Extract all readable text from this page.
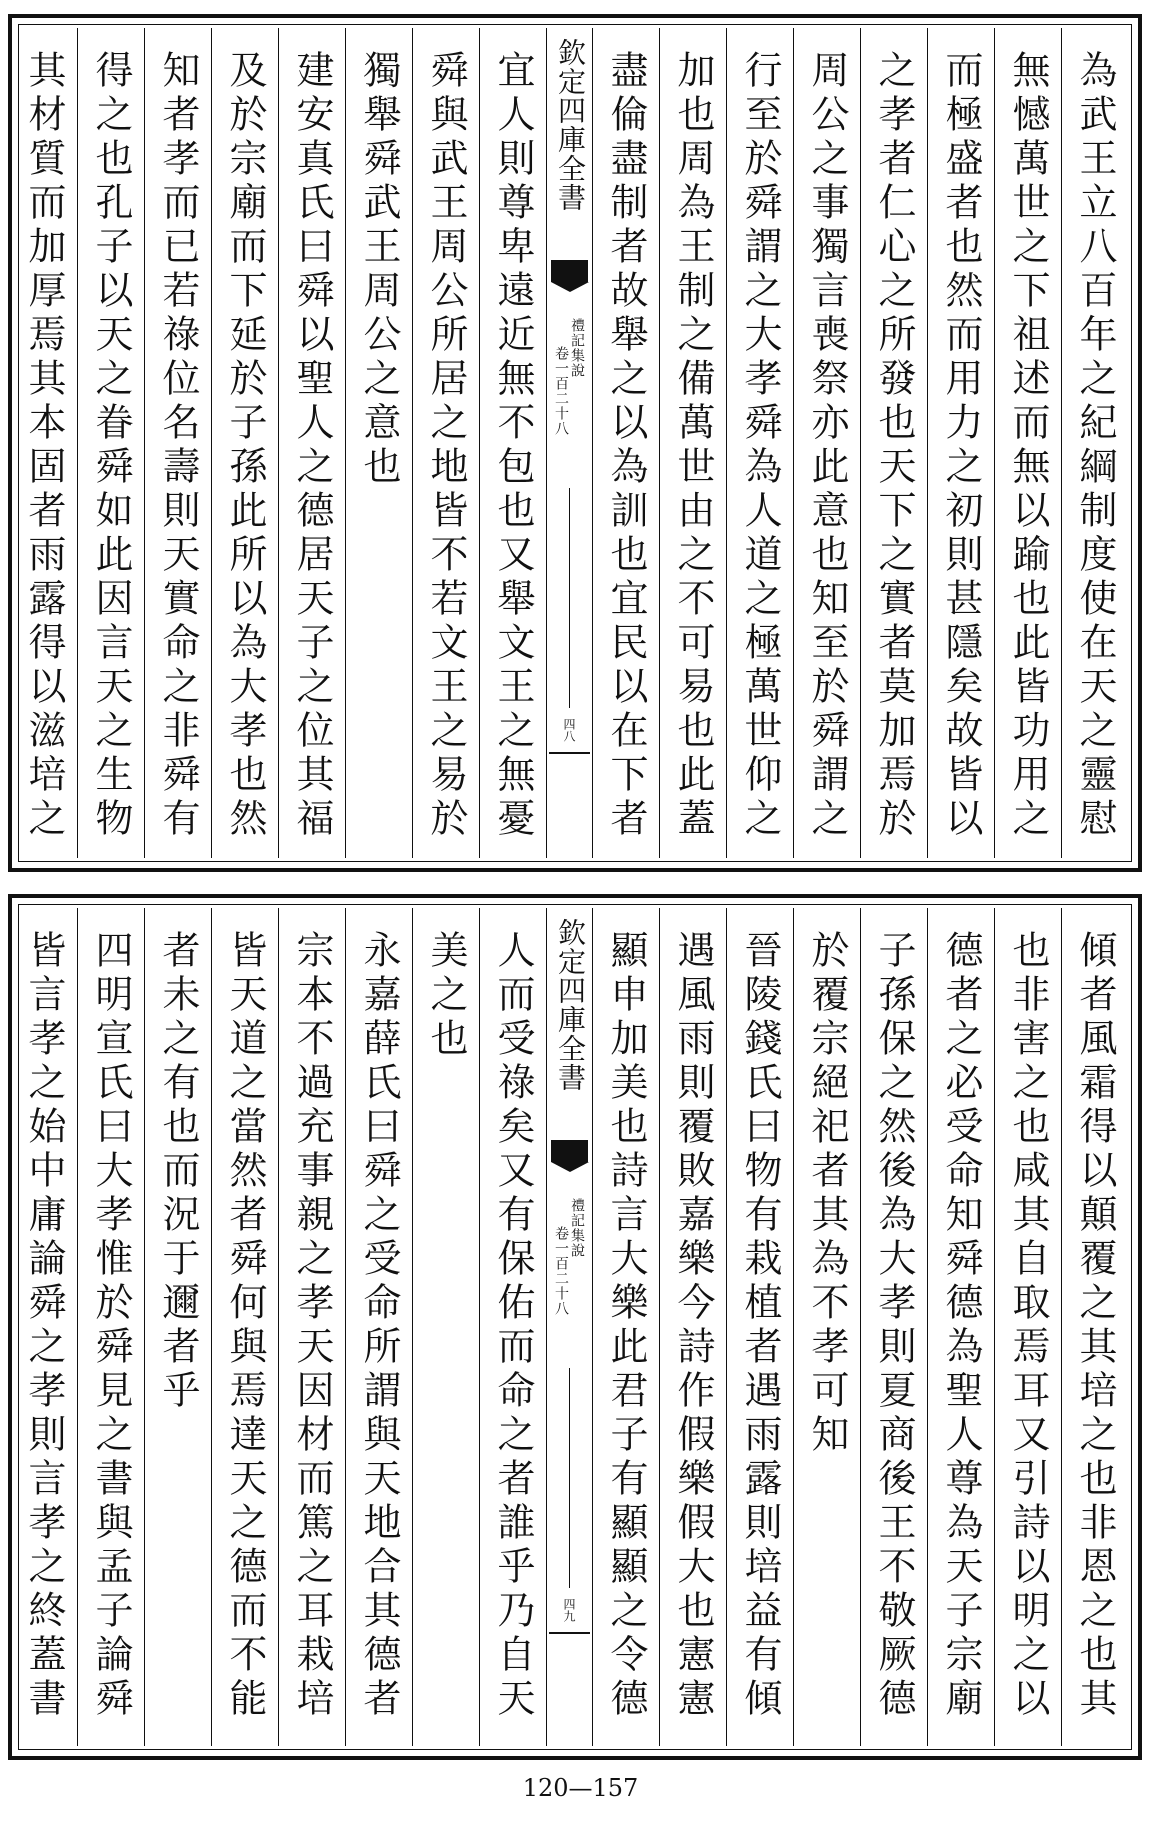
為武王立八百年之紀綱制度使在天之靈慰
無憾萬世之下祖述而無以踰也此皆功用之
而極盛者也然而用力之初則甚隱矣故皆以
之孝者仁心之所發也天下之實者莫加焉於
周公之事獨言喪祭亦此意也知至於舜謂之
行至於舜謂之大孝舜為人道之極萬世仰之
加也周為王制之備萬世由之不可易也此蓋
盡倫盡制者故舉之以為訓也宜民以在下者
欽定四庫全書
禮記集說
卷一百二十八
四八
宜人則尊卑遠近無不包也又舉文王之無憂
舜與武王周公所居之地皆不若文王之易於
獨舉舜武王周公之意也
建安真氏曰舜以聖人之德居天子之位其福
及於宗廟而下延於子孫此所以為大孝也然
知者孝而已若祿位名壽則天實命之非舜有
得之也孔子以天之眷舜如此因言天之生物
其材質而加厚焉其本固者雨露得以滋培之
傾者風霜得以顛覆之其培之也非恩之也其
也非害之也咸其自取焉耳又引詩以明之以
德者之必受命知舜德為聖人尊為天子宗廟
子孫保之然後為大孝則夏商後王不敬厥德
於覆宗絕祀者其為不孝可知
晉陵錢氏曰物有栽植者遇雨露則培益有傾
遇風雨則覆敗嘉樂今詩作假樂假大也憲憲
顯申加美也詩言大樂此君子有顯顯之令德
欽定四庫全書
禮記集說
卷一百二十八
四九
人而受祿矣又有保佑而命之者誰乎乃自天
美之也
永嘉薛氏曰舜之受命所謂與天地合其德者
宗本不過充事親之孝天因材而篤之耳栽培
皆天道之當然者舜何與焉達天之德而不能
者未之有也而況于邇者乎
四明宣氏曰大孝惟於舜見之書與孟子論舜
皆言孝之始中庸論舜之孝則言孝之終蓋書
120—157
